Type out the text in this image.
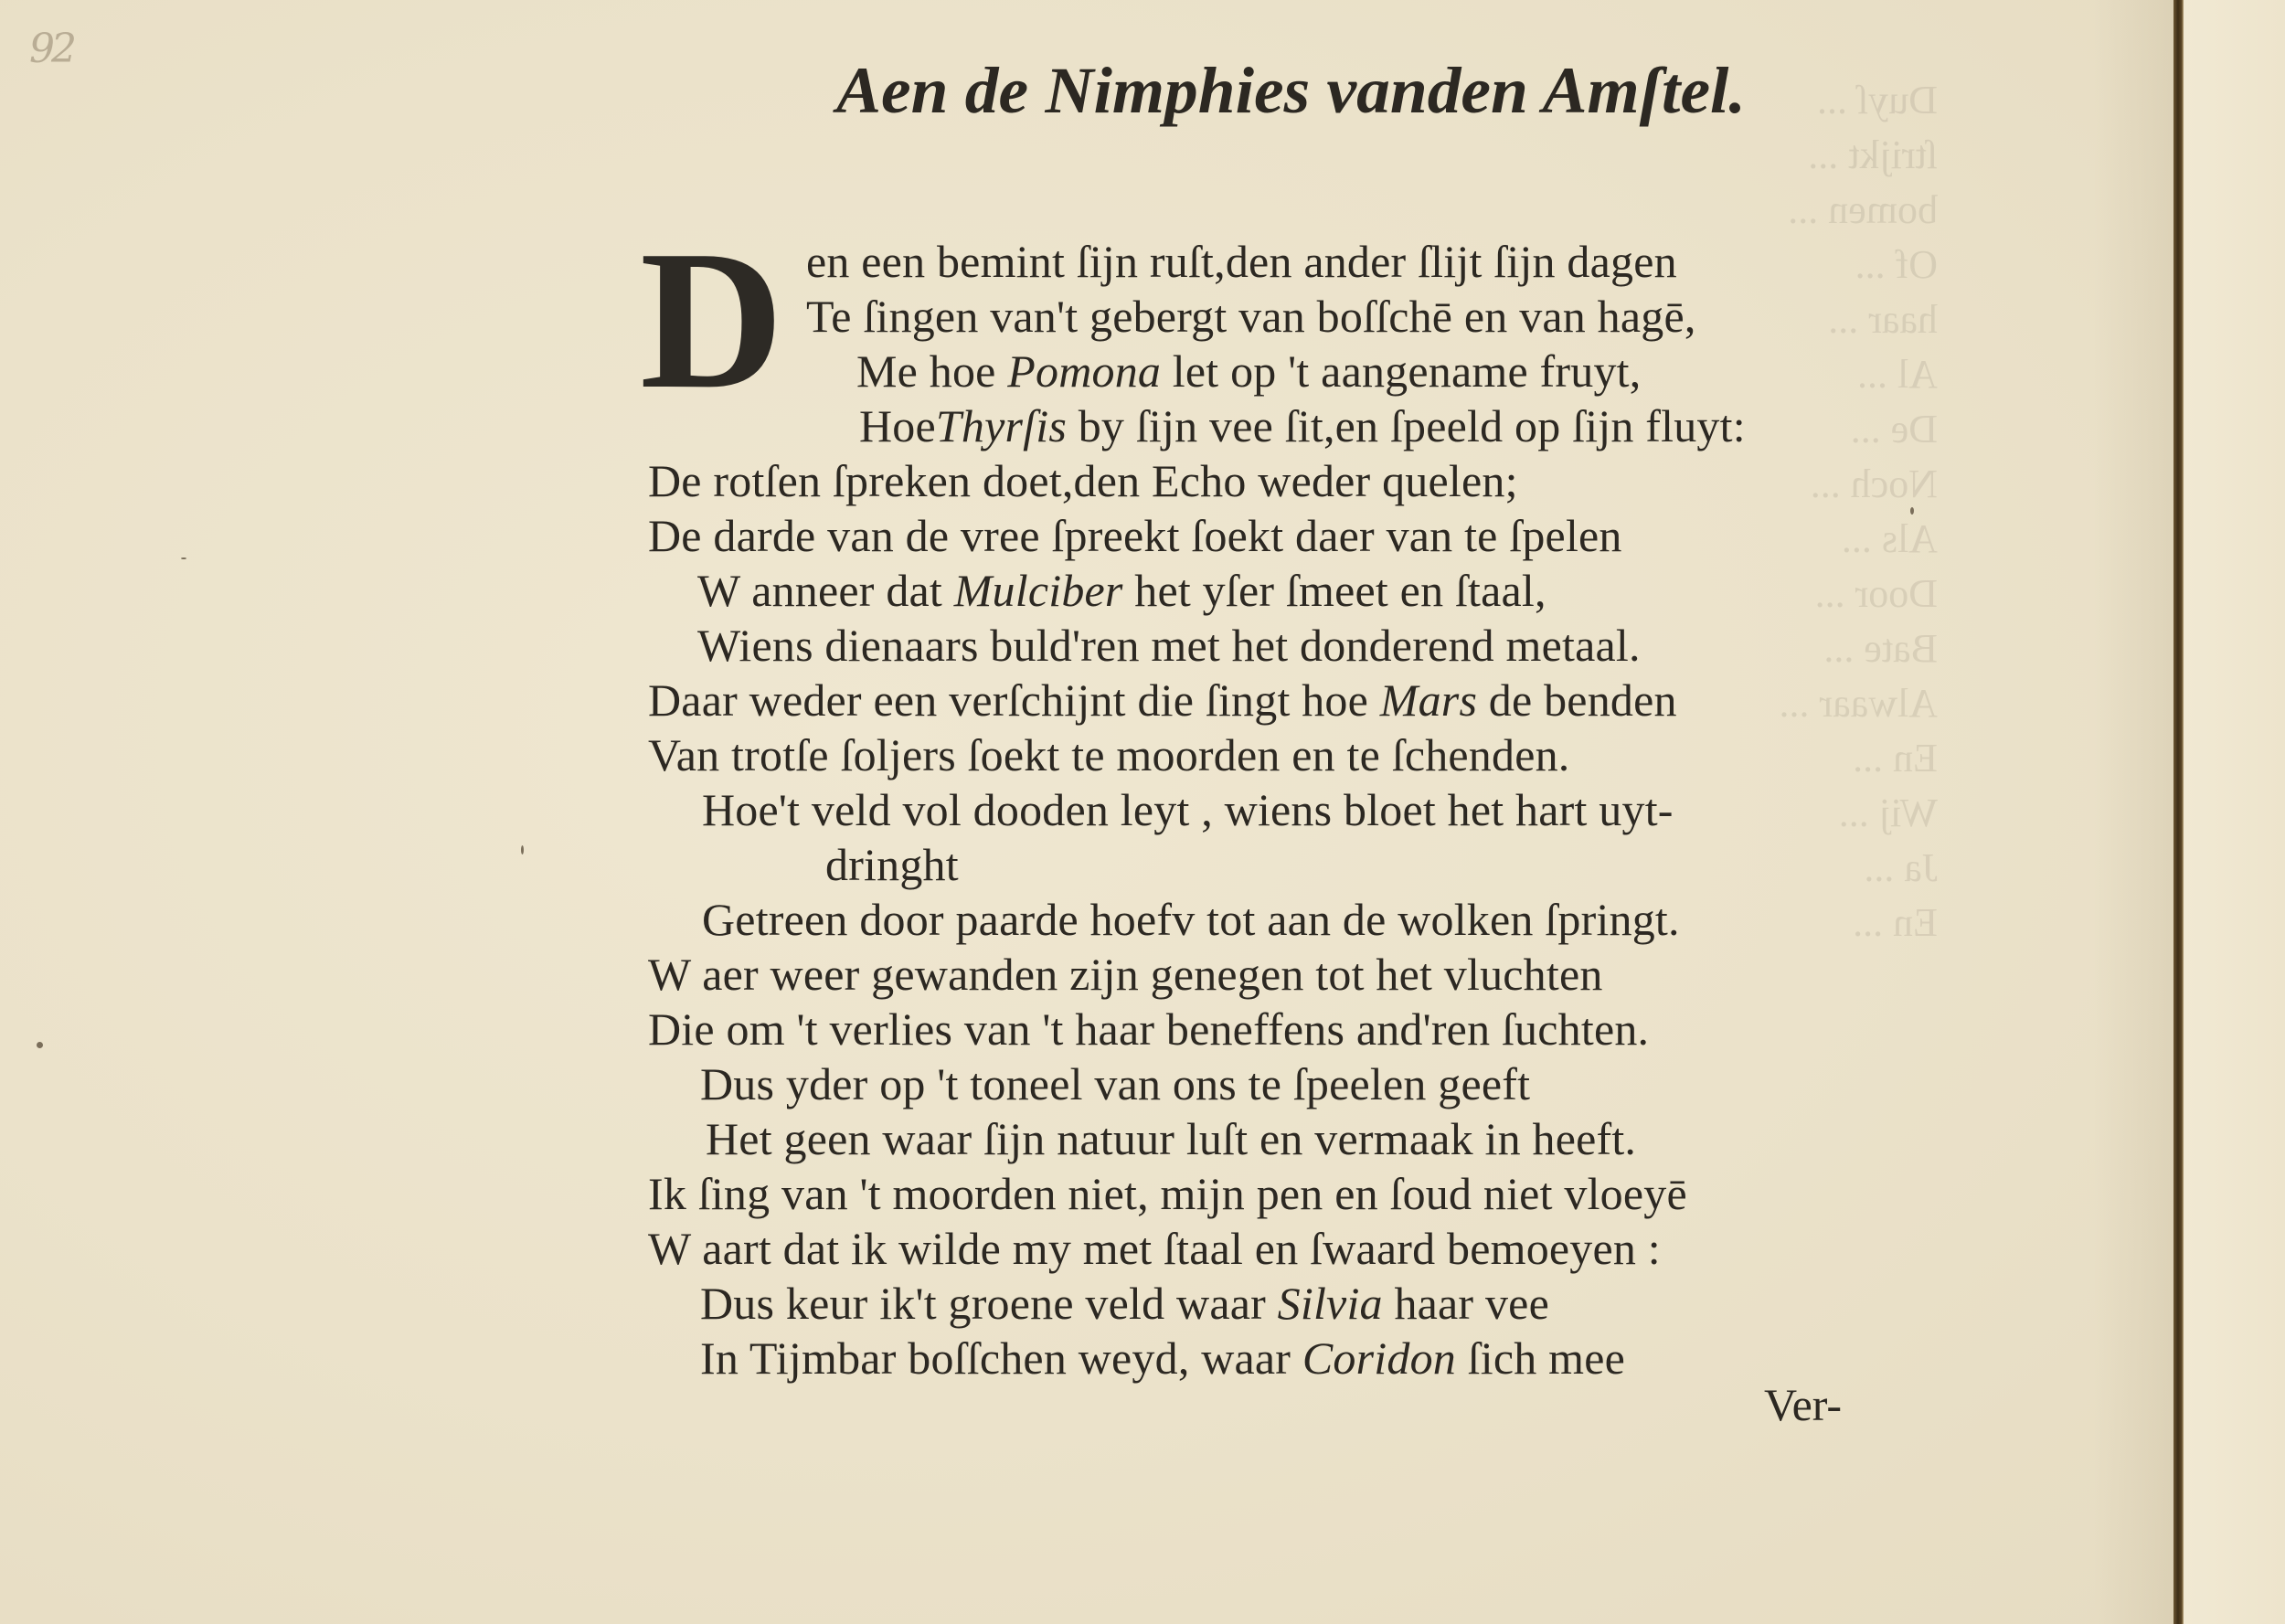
Duyſ ...
ſtrijkt ...
bomen ...
Of ...
haar ...
Al ...
De ...
Noch ...
Als ...
Door ...
Bate ...
Alwaar ...
En ...
Wij ...
Ja ...
En ...
92
Aen de Nimphies vanden Amſtel.
D en een bemint ſijn ruſt,den ander ſlijt ſijn dagen
Te ſingen van't gebergt van boſſchē en van hagē,
Me hoe Pomona let op 't aangename fruyt,
HoeThyrſis by ſijn vee ſit,en ſpeeld op ſijn fluyt:
De rotſen ſpreken doet,den Echo weder quelen;
De darde van de vree ſpreekt ſoekt daer van te ſpelen
W anneer dat Mulciber het yſer ſmeet en ſtaal,
Wiens dienaars buld'ren met het donderend metaal.
Daar weder een verſchijnt die ſingt hoe Mars de benden
Van trotſe ſoljers ſoekt te moorden en te ſchenden.
Hoe't veld vol dooden leyt , wiens bloet het hart uyt-
dringht
Getreen door paarde hoefv tot aan de wolken ſpringt.
W aer weer gewanden zijn genegen tot het vluchten
Die om 't verlies van 't haar beneffens and'ren ſuchten.
Dus yder op 't toneel van ons te ſpeelen geeft
Het geen waar ſijn natuur luſt en vermaak in heeft.
Ik ſing van 't moorden niet, mijn pen en ſoud niet vloeyē
W aart dat ik wilde my met ſtaal en ſwaard bemoeyen :
Dus keur ik't groene veld waar Silvia haar vee
In Tijmbar boſſchen weyd, waar Coridon ſich mee
Ver-
